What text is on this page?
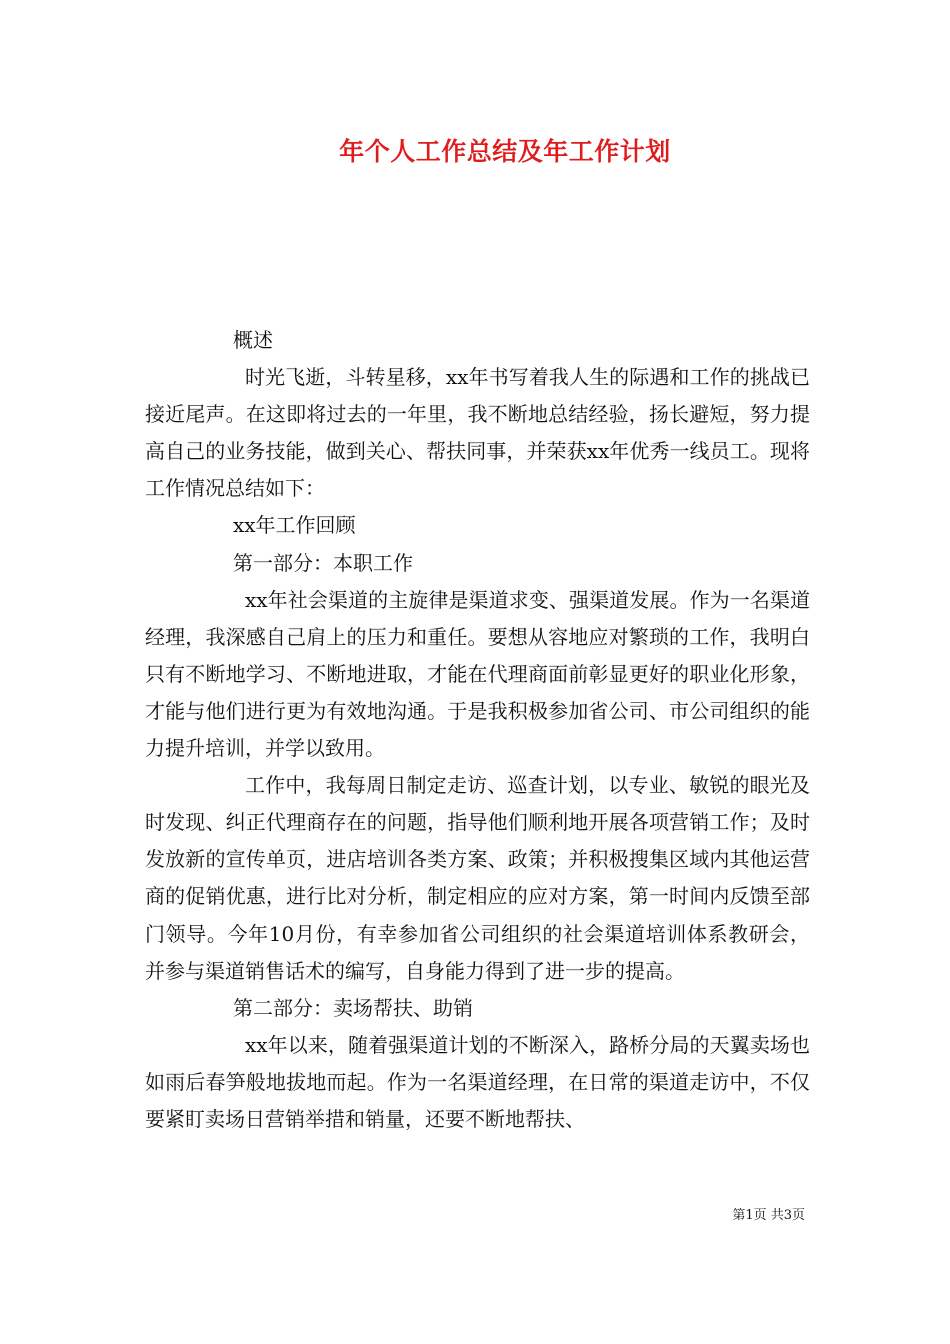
年个人工作总结及年工作计划

概述

时光飞逝，斗转星移，xx年书写着我人生的际遇和工作的挑战已接近尾声。在这即将过去的一年里，我不断地总结经验，扬长避短，努力提高自己的业务技能，做到关心、帮扶同事，并荣获xx年优秀一线员工。现将工作情况总结如下：

xx年工作回顾

第一部分：本职工作

xx年社会渠道的主旋律是渠道求变、强渠道发展。作为一名渠道经理，我深感自己肩上的压力和重任。要想从容地应对繁琐的工作，我明白只有不断地学习、不断地进取，才能在代理商面前彰显更好的职业化形象，才能与他们进行更为有效地沟通。于是我积极参加省公司、市公司组织的能力提升培训，并学以致用。

工作中，我每周日制定走访、巡查计划，以专业、敏锐的眼光及时发现、纠正代理商存在的问题，指导他们顺利地开展各项营销工作；及时发放新的宣传单页，进店培训各类方案、政策；并积极搜集区域内其他运营商的促销优惠，进行比对分析，制定相应的应对方案，第一时间内反馈至部门领导。今年10月份，有幸参加省公司组织的社会渠道培训体系教研会，并参与渠道销售话术的编写，自身能力得到了进一步的提高。

第二部分：卖场帮扶、助销

xx年以来，随着强渠道计划的不断深入，路桥分局的天翼卖场也如雨后春笋般地拔地而起。作为一名渠道经理，在日常的渠道走访中，不仅要紧盯卖场日营销举措和销量，还要不断地帮扶、

第1页 共3页
